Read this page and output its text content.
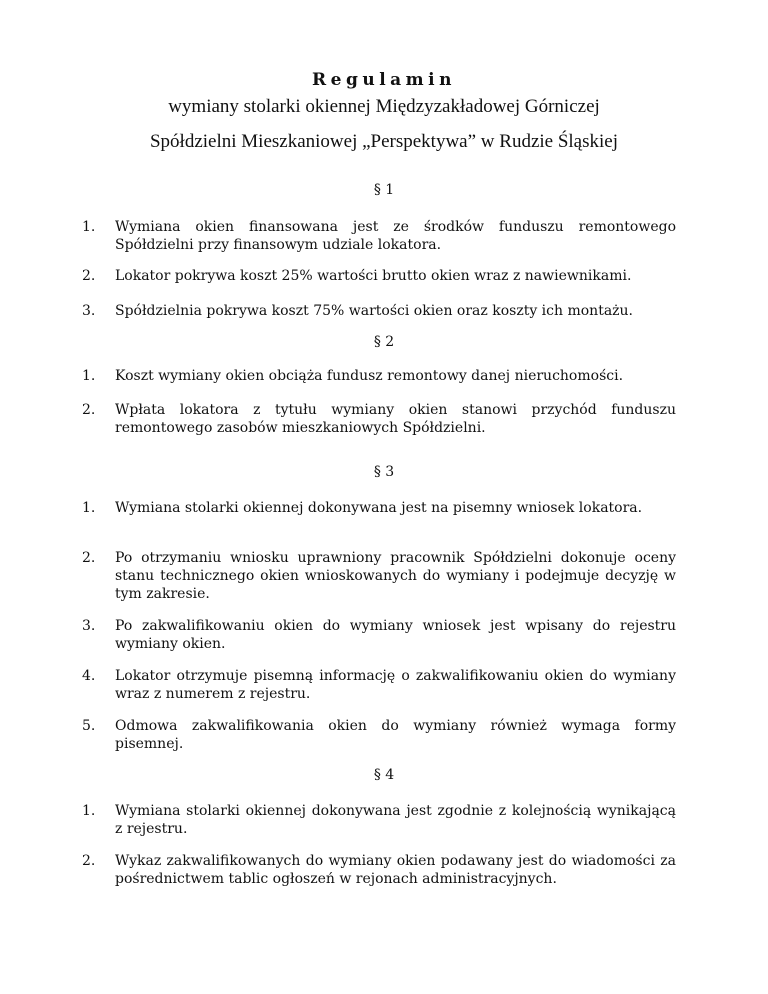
Regulamin
wymiany stolarki okiennej Międzyzakładowej Górniczej
Spółdzielni Mieszkaniowej „Perspektywa” w Rudzie Śląskiej
§ 1
1.	Wymiana okien finansowana jest ze środków funduszu remontowego Spółdzielni przy finansowym udziale lokatora.
2.	Lokator pokrywa koszt 25% wartości brutto okien wraz z nawiewnikami.
3.	Spółdzielnia pokrywa koszt 75% wartości okien oraz koszty ich montażu.
§ 2
1.	Koszt wymiany okien obciąża fundusz remontowy danej nieruchomości.
2.	Wpłata lokatora z tytułu wymiany okien stanowi przychód funduszu remontowego zasobów mieszkaniowych Spółdzielni.
§ 3
1.	Wymiana stolarki okiennej dokonywana jest na pisemny wniosek lokatora.
2.	Po otrzymaniu wniosku uprawniony pracownik Spółdzielni dokonuje oceny stanu technicznego okien wnioskowanych do wymiany i podejmuje decyzję w tym zakresie.
3.	Po zakwalifikowaniu okien do wymiany wniosek jest wpisany do rejestru wymiany okien.
4.	Lokator otrzymuje pisemną informację o zakwalifikowaniu okien do wymiany wraz z numerem z rejestru.
5.	Odmowa zakwalifikowania okien do wymiany również wymaga formy pisemnej.
§ 4
1.	Wymiana stolarki okiennej dokonywana jest zgodnie z kolejnością wynikającą z rejestru.
2.	Wykaz zakwalifikowanych do wymiany okien podawany jest do wiadomości za pośrednictwem tablic ogłoszeń w rejonach administracyjnych.
